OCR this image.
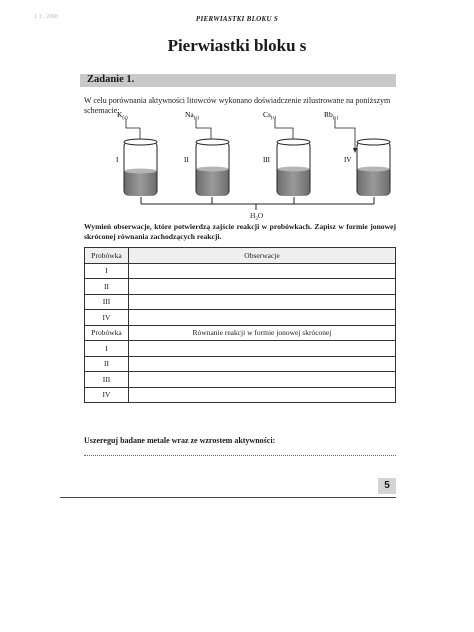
1 3 . 2008	PIERWIASTKI BLOKU S
Pierwiastki bloku s
Zadanie 1.
W celu porównania aktywności litowców wykonano doświadczenie zilustrowane na poniższym
schemacie:
$H_2O$
$K_{(s)}$
I
$Na_{(s)}$
II
$Cs_{(s)}$
III
$Rb_{(s)}$
IV
Wymień obserwacje, które potwierdzą zajście reakcji w probówkach. Zapisz w formie jonowej skróconej równania zachodzących reakcji.
Probówka	Obserwacje
I	
II	
III	
IV	
Probówka	Równanie reakcji w formie jonowej skróconej
I	
II	
III	
IV	
Uszereguj badane metale wraz ze wzrostem aktywności:
5
